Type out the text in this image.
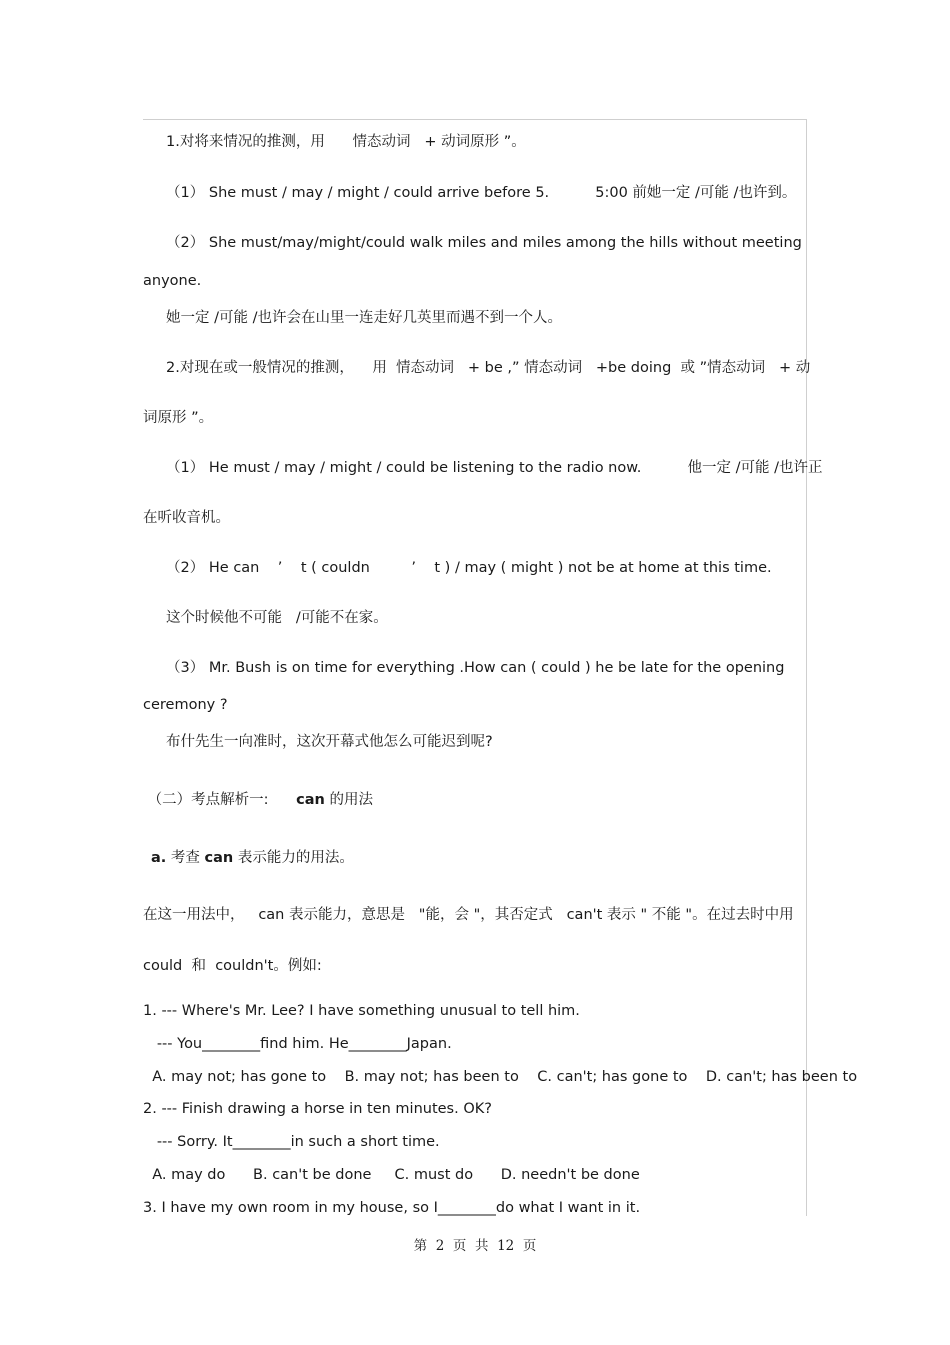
1.对将来情况的推测，用      情态动词   + 动词原形 ”。
（1） She must / may / might / could arrive before 5.          5:00 前她一定 /可能 /也许到。
（2） She must/may/might/could walk miles and miles among the hills without meeting
anyone.
她一定 /可能 /也许会在山里一连走好几英里而遇不到一个人。
2.对现在或一般情况的推测，    用  情态动词   + be ,” 情态动词   +be doing  或 ”情态动词   + 动
词原形 ”。
（1） He must / may / might / could be listening to the radio now.          他一定 /可能 /也许正
在听收音机。
（2） He can    ’    t ( couldn         ’    t ) / may ( might ) not be at home at this time.
这个时候他不可能   /可能不在家。
（3） Mr. Bush is on time for everything .How can ( could ) he be late for the opening
ceremony ?
布什先生一向准时，这次开幕式他怎么可能迟到呢?
（二）考点解析一:      can 的用法
a. 考查 can 表示能力的用法。
在这一用法中，   can 表示能力，意思是   "能，会 "，其否定式   can't 表示 " 不能 "。在过去时中用
could  和  couldn't。例如:
1. --- Where's Mr. Lee? I have something unusual to tell him.
--- You________find him. He________Japan.
A. may not; has gone to    B. may not; has been to    C. can't; has gone to    D. can't; has been to
2. --- Finish drawing a horse in ten minutes. OK?
--- Sorry. It________in such a short time.
A. may do      B. can't be done     C. must do      D. needn't be done
3. I have my own room in my house, so I________do what I want in it.
第  2  页  共  12  页
